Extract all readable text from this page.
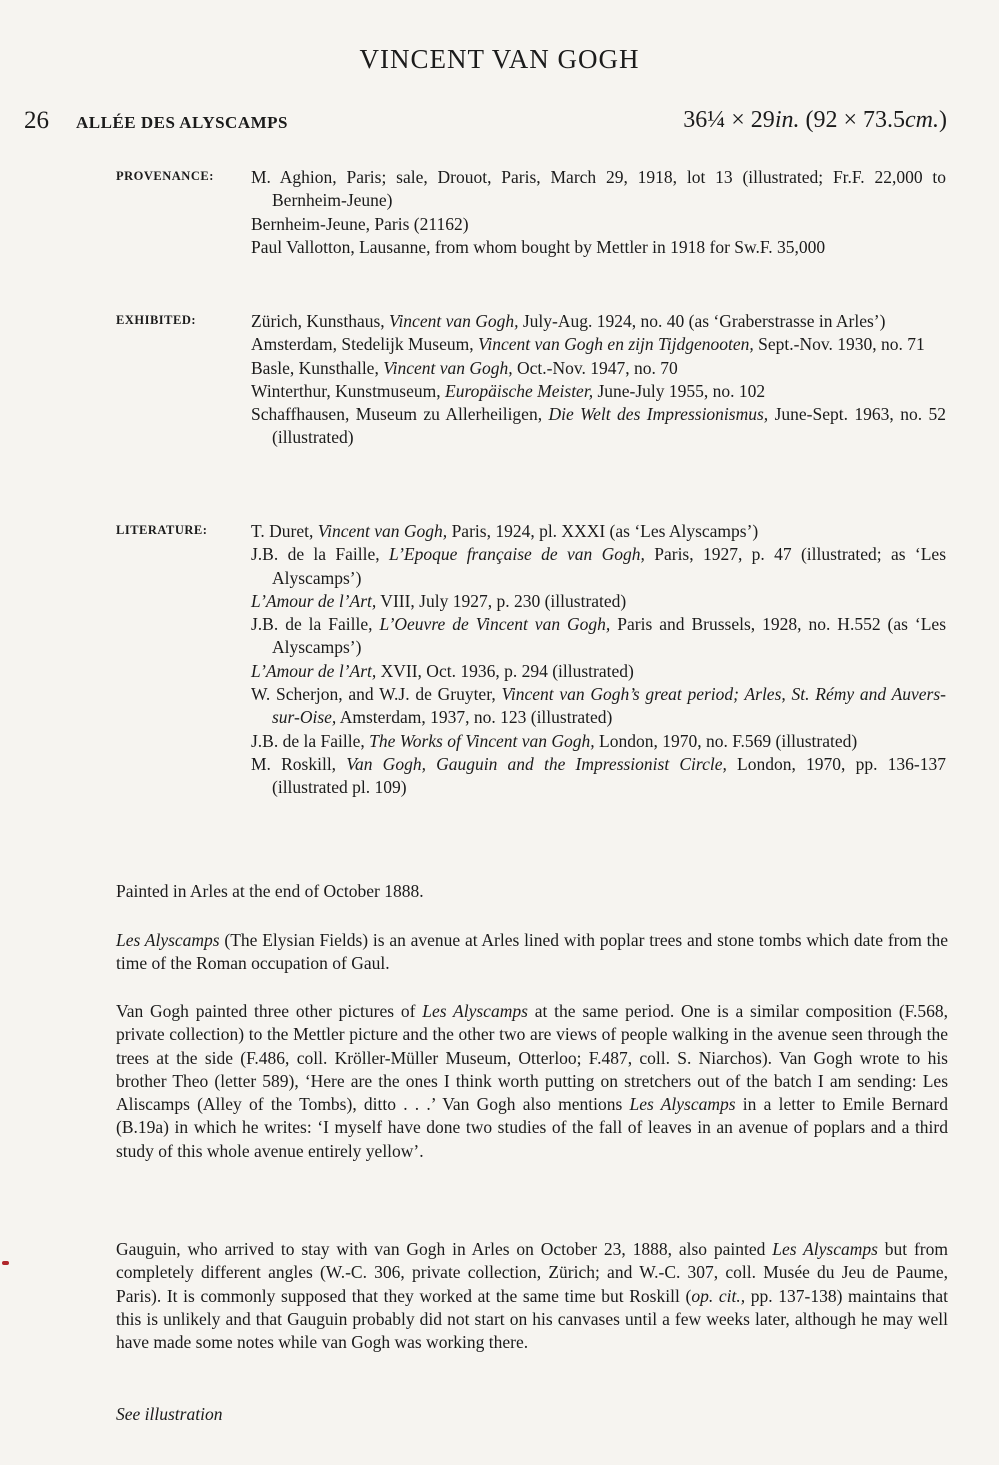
VINCENT VAN GOGH
26 ALLÉE DES ALYSCAMPS	36¼ × 29in. (92 × 73.5cm.)
PROVENANCE: M. Aghion, Paris; sale, Drouot, Paris, March 29, 1918, lot 13 (illustrated; Fr.F. 22,000 to Bernheim-Jeune)

Bernheim-Jeune, Paris (21162)

Paul Vallotton, Lausanne, from whom bought by Mettler in 1918 for Sw.F. 35,000

EXHIBITED:	Zürich, Kunsthaus, Vincent van Gogh, July-Aug. 1924, no. 40 (as ‘Graberstrasse in Arles’)

Amsterdam, Stedelijk Museum, Vincent van Gogh en zijn Tijdgenooten, Sept.-Nov. 1930, no. 71

Basle, Kunsthalle, Vincent van Gogh, Oct.-Nov. 1947, no. 70

Winterthur, Kunstmuseum, Europäische Meister, June-July 1955, no. 102

Schaffhausen, Museum zu Allerheiligen, Die Welt des Impressionismus, June-Sept. 1963, no. 52 (illustrated)

LITERATURE: T. Duret, Vincent van Gogh, Paris, 1924, pl. XXXI (as ‘Les Alyscamps’)

J.B. de la Faille, L’Epoque française de van Gogh, Paris, 1927, p. 47 (illustrated; as ‘Les Alyscamps’)

L’Amour de l’Art, VIII, July 1927, p. 230 (illustrated)

J.B. de la Faille, L’Oeuvre de Vincent van Gogh, Paris and Brussels, 1928, no. H.552 (as ‘Les Alyscamps’)

L’Amour de l’Art, XVII, Oct. 1936, p. 294 (illustrated)

W. Scherjon, and W.J. de Gruyter, Vincent van Gogh’s great period; Arles, St. Rémy and Auvers-sur-Oise, Amsterdam, 1937, no. 123 (illustrated)

J.B. de la Faille, The Works of Vincent van Gogh, London, 1970, no. F.569 (illustrated)

M. Roskill, Van Gogh, Gauguin and the Impressionist Circle, London, 1970, pp. 136-137 (illustrated pl. 109)

Painted in Arles at the end of October 1888.

Les Alyscamps (The Elysian Fields) is an avenue at Arles lined with poplar trees and stone tombs which date from the time of the Roman occupation of Gaul.

Van Gogh painted three other pictures of Les Alyscamps at the same period. One is a similar composition (F.568, private collection) to the Mettler picture and the other two are views of people walking in the avenue seen through the trees at the side (F.486, coll. Kröller-Müller Museum, Otterloo; F.487, coll. S. Niarchos). Van Gogh wrote to his brother Theo (letter 589), ‘Here are the ones I think worth putting on stretchers out of the batch I am sending: Les Aliscamps (Alley of the Tombs), ditto . . .’ Van Gogh also mentions Les Alyscamps in a letter to Emile Bernard (B.19a) in which he writes: ‘I myself have done two studies of the fall of leaves in an avenue of poplars and a third study of this whole avenue entirely yellow’.

Gauguin, who arrived to stay with van Gogh in Arles on October 23, 1888, also painted Les Alyscamps but from completely different angles (W.-C. 306, private collection, Zürich; and W.-C. 307, coll. Musée du Jeu de Paume, Paris). It is commonly supposed that they worked at the same time but Roskill (op. cit., pp. 137-138) maintains that this is unlikely and that Gauguin probably did not start on his canvases until a few weeks later, although he may well have made some notes while van Gogh was working there.

See illustration
